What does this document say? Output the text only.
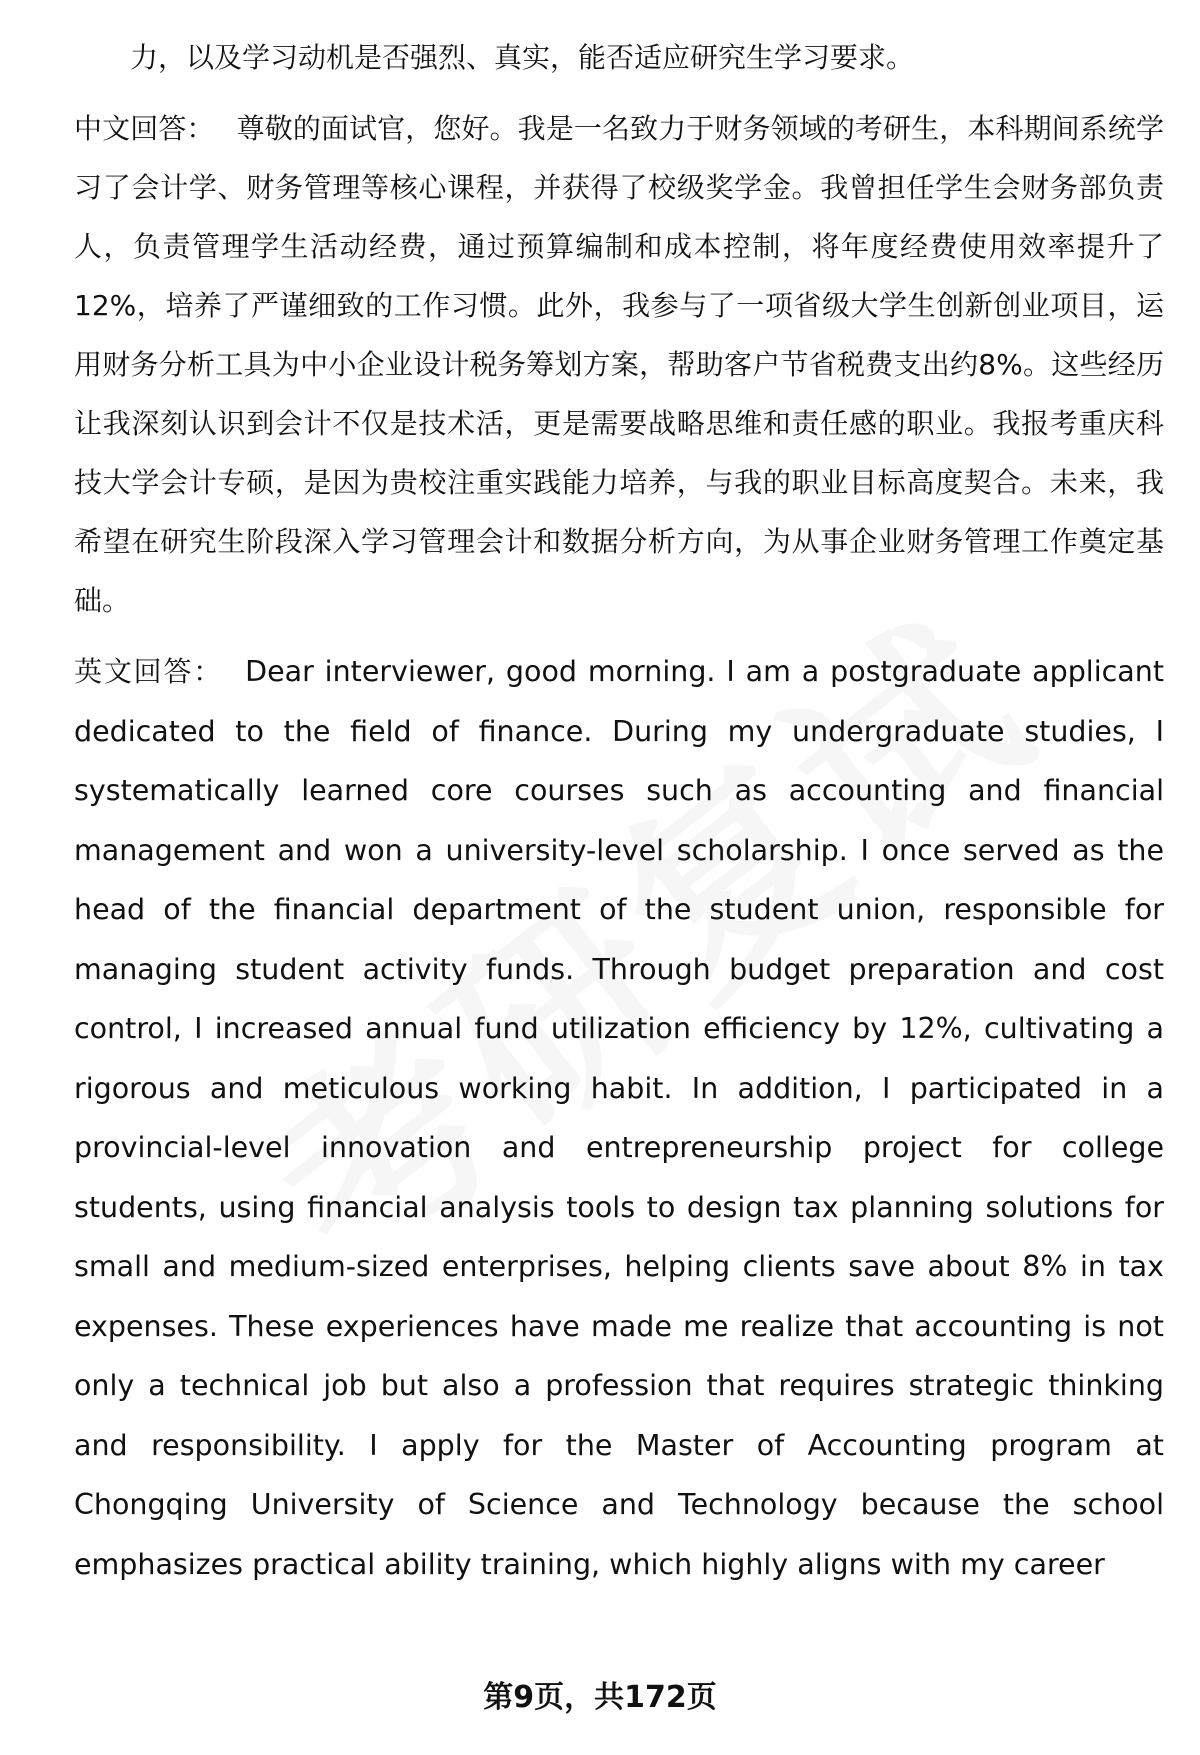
力，以及学习动机是否强烈、真实，能否适应研究生学习要求。

中文回答： 尊敬的面试官，您好。我是一名致力于财务领域的考研生，本科期间系统学习了会计学、财务管理等核心课程，并获得了校级奖学金。我曾担任学生会财务部负责人，负责管理学生活动经费，通过预算编制和成本控制，将年度经费使用效率提升了12%，培养了严谨细致的工作习惯。此外，我参与了一项省级大学生创新创业项目，运用财务分析工具为中小企业设计税务筹划方案，帮助客户节省税费支出约8%。这些经历让我深刻认识到会计不仅是技术活，更是需要战略思维和责任感的职业。我报考重庆科技大学会计专硕，是因为贵校注重实践能力培养，与我的职业目标高度契合。未来，我希望在研究生阶段深入学习管理会计和数据分析方向，为从事企业财务管理工作奠定基础。

英文回答： Dear interviewer, good morning. I am a postgraduate applicant dedicated to the field of finance. During my undergraduate studies, I systematically learned core courses such as accounting and financial management and won a university-level scholarship. I once served as the head of the financial department of the student union, responsible for managing student activity funds. Through budget preparation and cost control, I increased annual fund utilization efficiency by 12%, cultivating a rigorous and meticulous working habit. In addition, I participated in a provincial-level innovation and entrepreneurship project for college students, using financial analysis tools to design tax planning solutions for small and medium-sized enterprises, helping clients save about 8% in tax expenses. These experiences have made me realize that accounting is not only a technical job but also a profession that requires strategic thinking and responsibility. I apply for the Master of Accounting program at Chongqing University of Science and Technology because the school emphasizes practical ability training, which highly aligns with my career

第9页，共172页
